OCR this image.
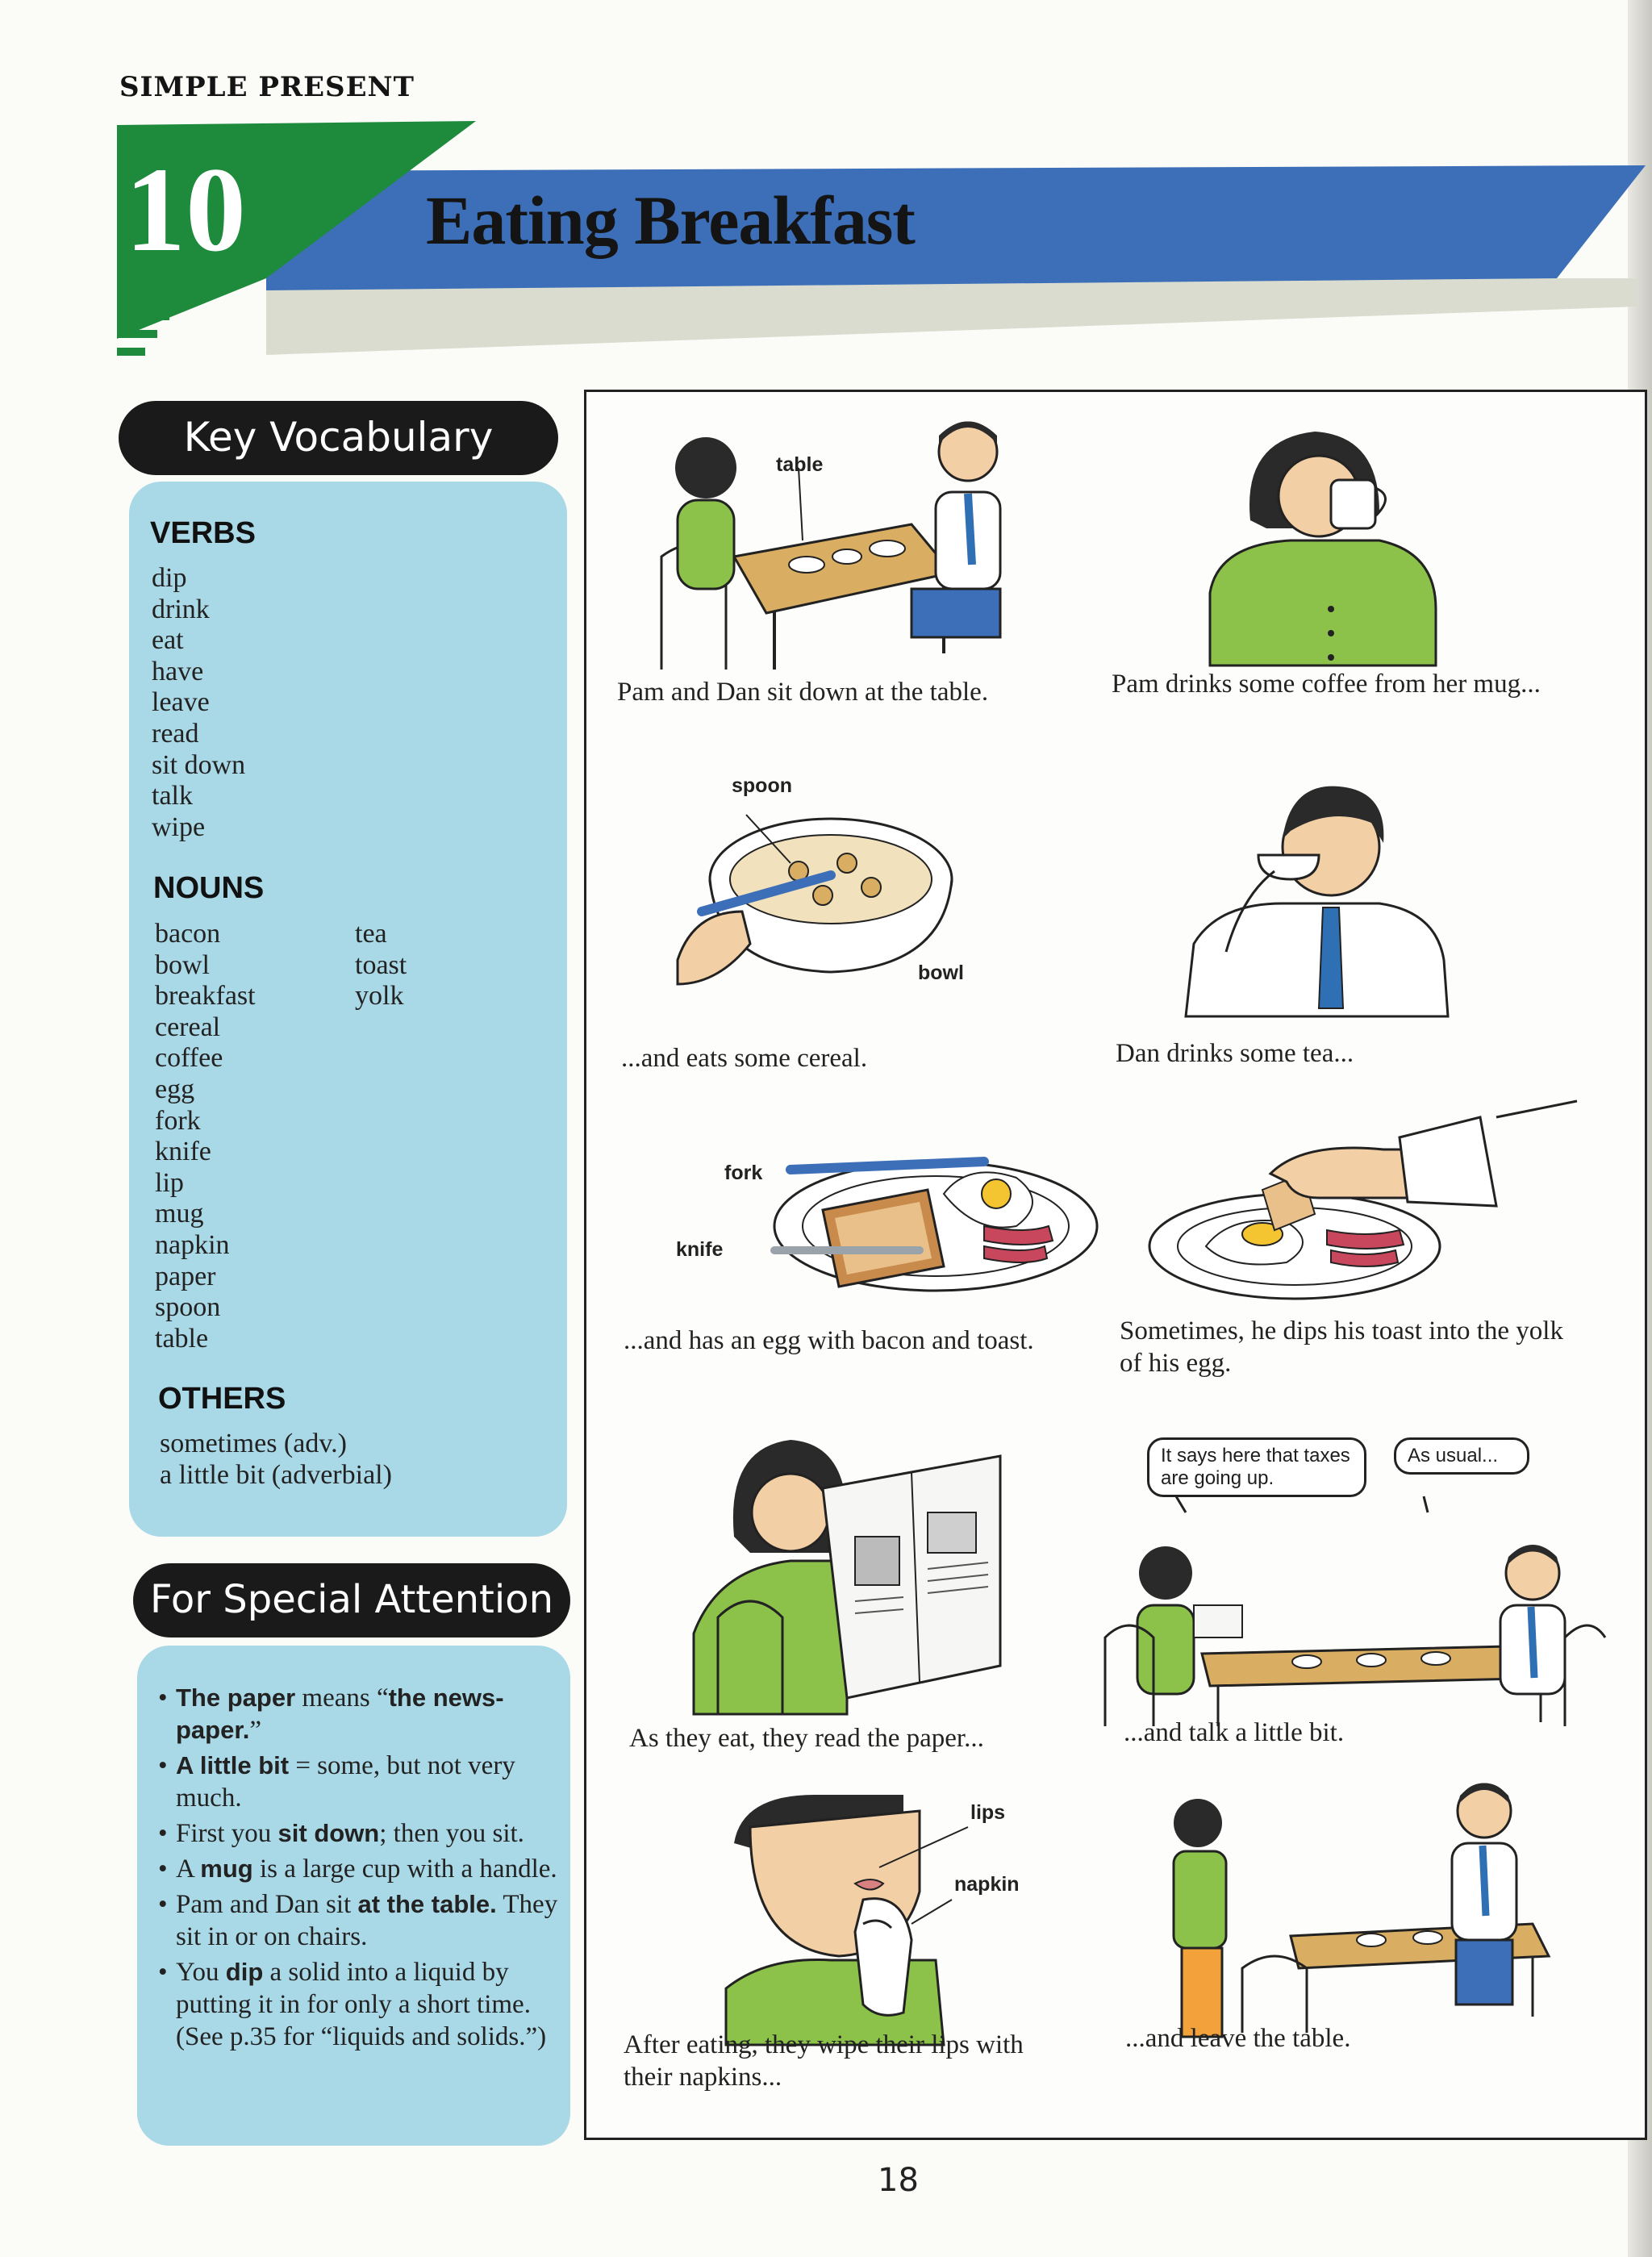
SIMPLE PRESENT
10	Eating Breakfast
Key Vocabulary
VERBS
dip
drink
eat
have
leave
read
sit down
talk
wipe
NOUNS
bacon
bowl
breakfast
cereal
coffee
egg
fork
knife
lip
mug
napkin
paper
spoon
table
tea
toast
yolk
OTHERS
sometimes (adv.)
a little bit (adverbial)
For Special Attention
• The paper means “the news-paper.”
• A little bit = some, but not very much.
• First you sit down; then you sit.
• A mug is a large cup with a handle.
• Pam and Dan sit at the table. They sit in or on chairs.
• You dip a solid into a liquid by putting it in for only a short time. (See p.35 for “liquids and solids.”)
table
Pam and Dan sit down at the table.	Pam drinks some coffee from her mug...
spoon
bowl
...and eats some cereal.	Dan drinks some tea...
fork
knife
...and has an egg with bacon and toast.	Sometimes, he dips his toast into the yolk of his egg.
As they eat, they read the paper...
It says here that taxes are going up.
As usual...
...and talk a little bit.
lips
napkin
After eating, they wipe their lips with their napkins...
...and leave the table.
18
